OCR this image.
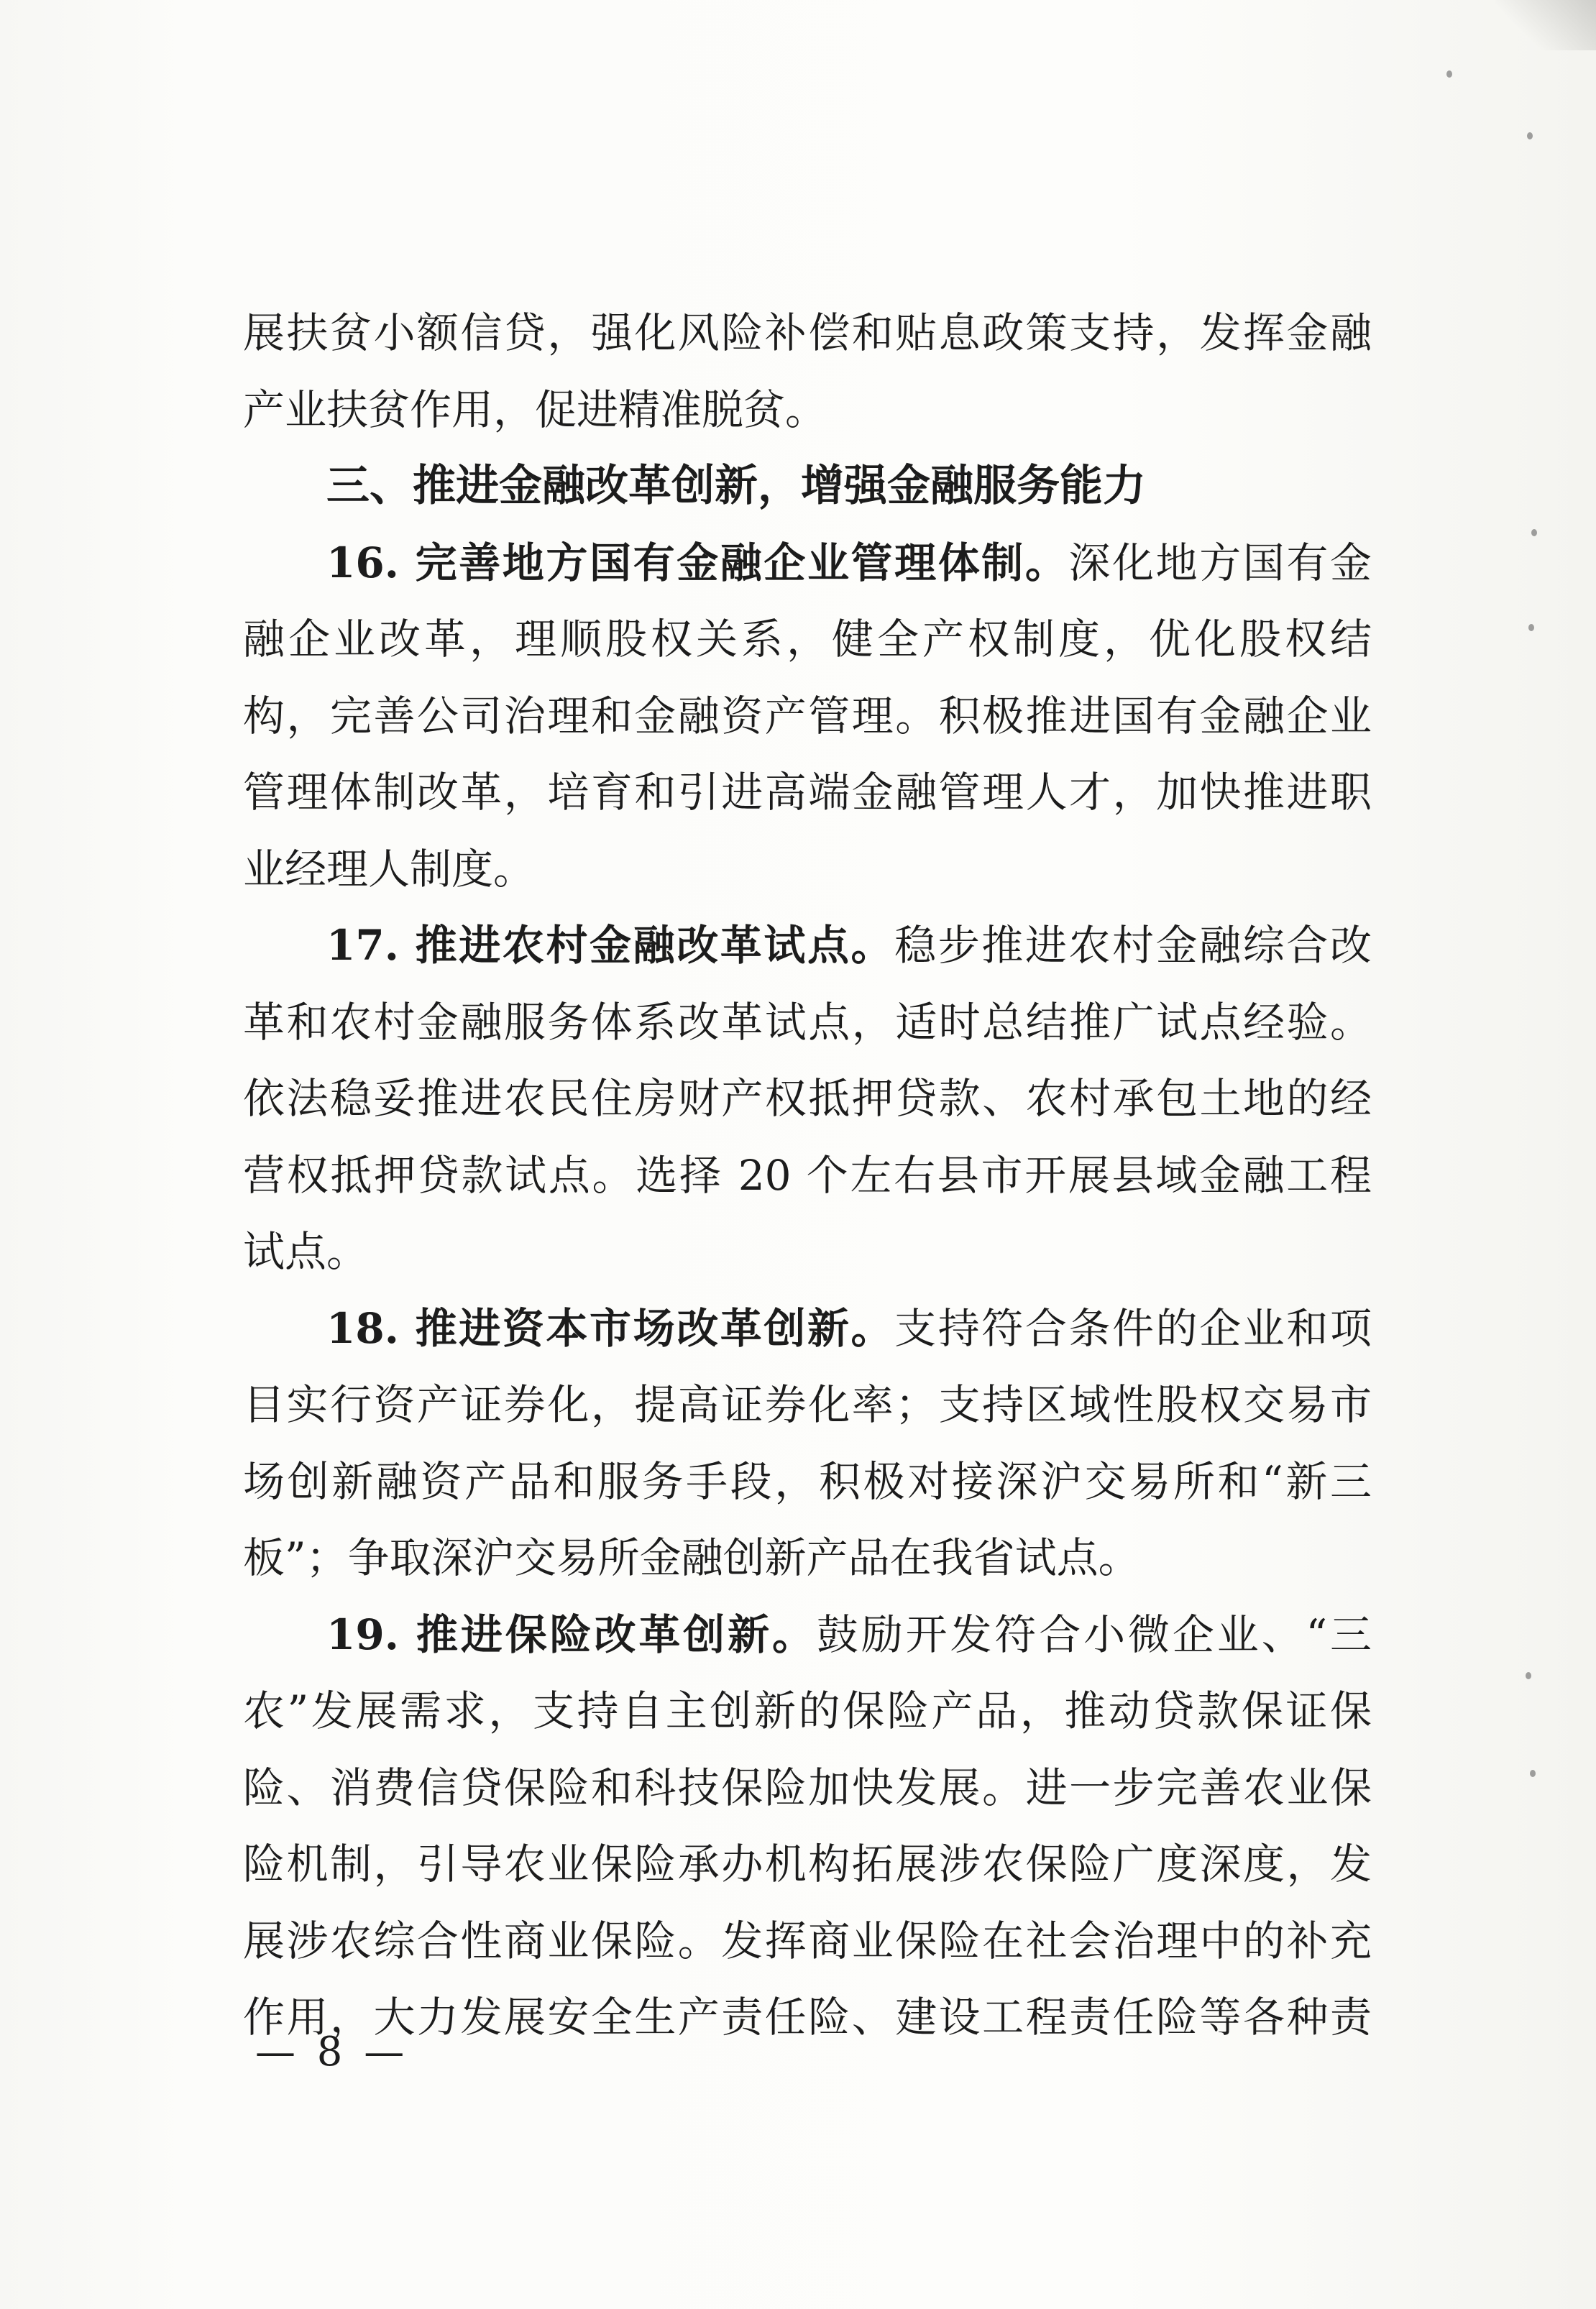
展扶贫小额信贷，强化风险补偿和贴息政策支持，发挥金融
产业扶贫作用，促进精准脱贫。
三、推进金融改革创新，增强金融服务能力
16. 完善地方国有金融企业管理体制。深化地方国有金
融企业改革，理顺股权关系，健全产权制度，优化股权结
构，完善公司治理和金融资产管理。积极推进国有金融企业
管理体制改革，培育和引进高端金融管理人才，加快推进职
业经理人制度。
17. 推进农村金融改革试点。稳步推进农村金融综合改
革和农村金融服务体系改革试点，适时总结推广试点经验。
依法稳妥推进农民住房财产权抵押贷款、农村承包土地的经
营权抵押贷款试点。选择 20 个左右县市开展县域金融工程
试点。
18. 推进资本市场改革创新。支持符合条件的企业和项
目实行资产证券化，提高证券化率；支持区域性股权交易市
场创新融资产品和服务手段，积极对接深沪交易所和“新三
板”；争取深沪交易所金融创新产品在我省试点。
19. 推进保险改革创新。鼓励开发符合小微企业、“三
农”发展需求，支持自主创新的保险产品，推动贷款保证保
险、消费信贷保险和科技保险加快发展。进一步完善农业保
险机制，引导农业保险承办机构拓展涉农保险广度深度，发
展涉农综合性商业保险。发挥商业保险在社会治理中的补充
作用，大力发展安全生产责任险、建设工程责任险等各种责
— 8 —
